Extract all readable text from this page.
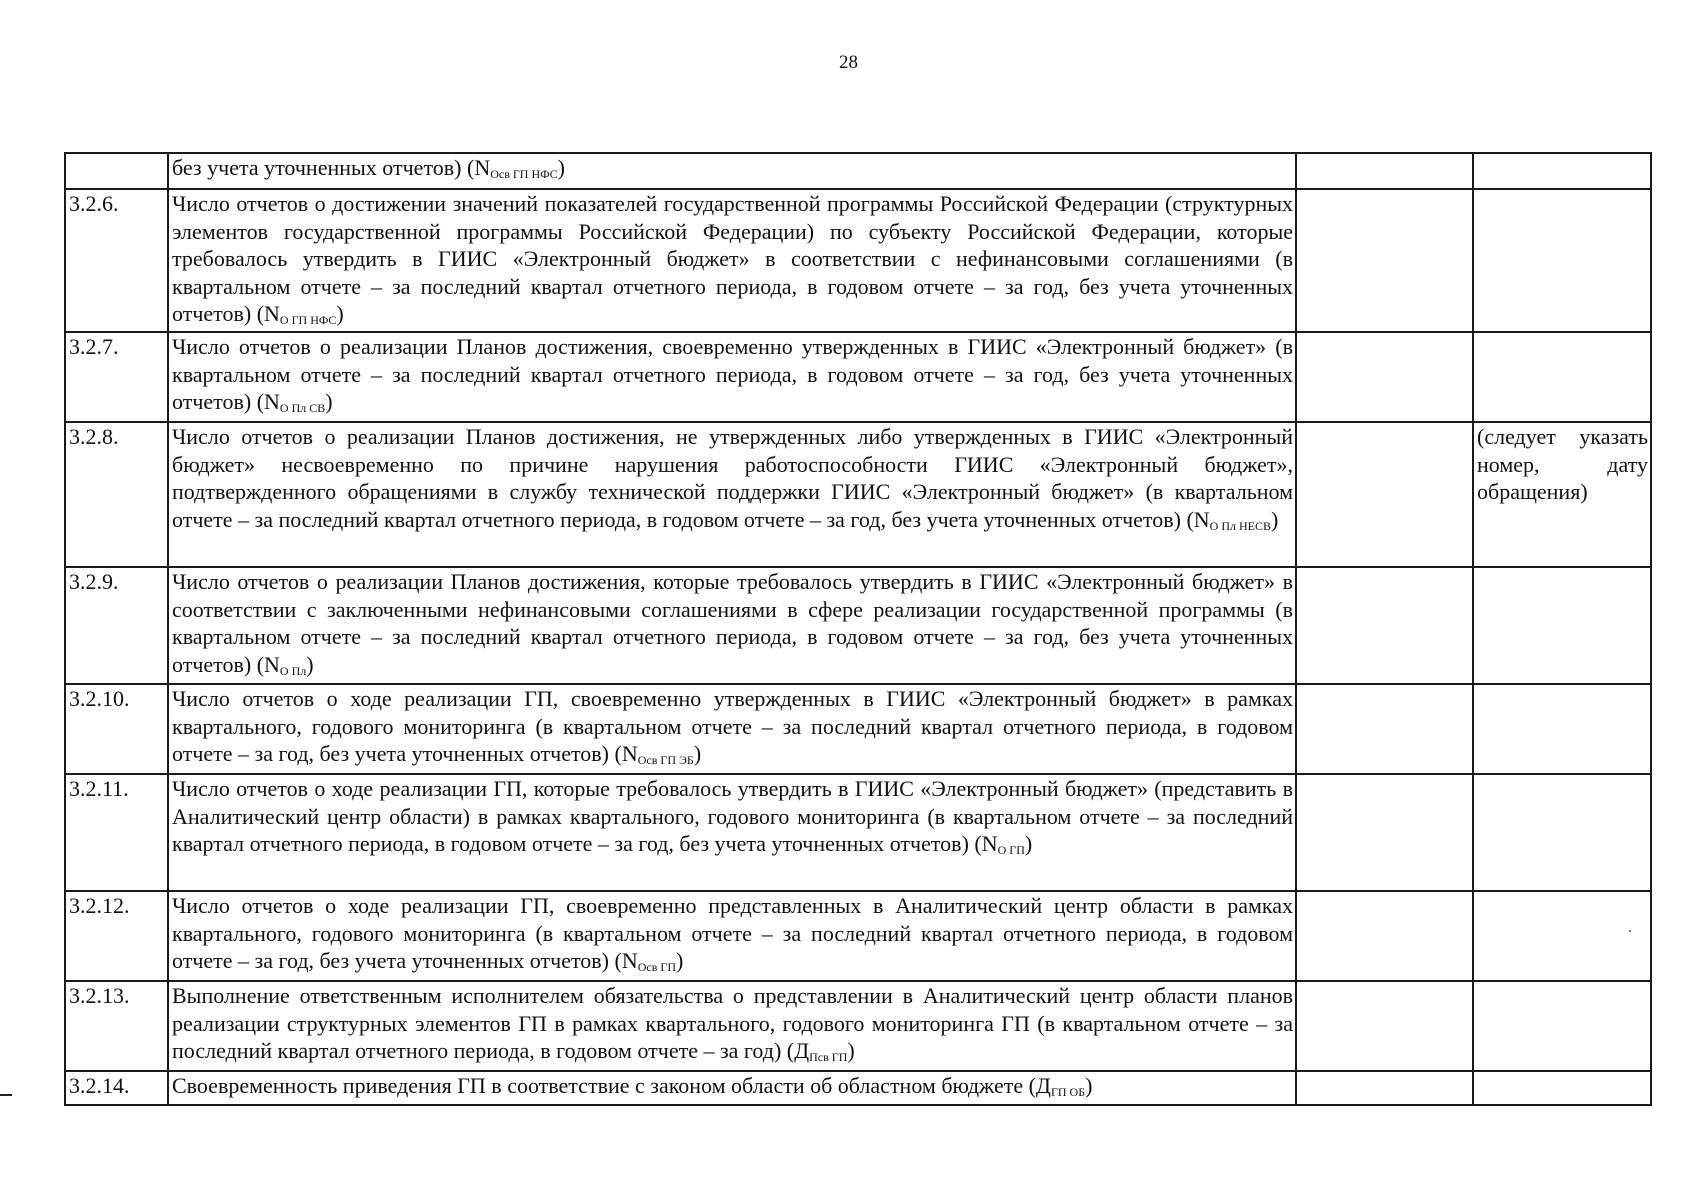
28
	без учета уточненных отчетов) $(N_{Осв ГП НФС})$		
3.2.6.	Число отчетов о достижении значений показателей государственной программы Российской Федерации (структурных элементов государственной программы Российской Федерации) по субъекту Российской Федерации, которые требовалось утвердить в ГИИС «Электронный бюджет» в соответствии с нефинансовыми соглашениями (в квартальном отчете – за последний квартал отчетного периода, в годовом отчете – за год, без учета уточненных отчетов) $(N_{О ГП НФС})$		
3.2.7.	Число отчетов о реализации Планов достижения, своевременно утвержденных в ГИИС «Электронный бюджет» (в квартальном отчете – за последний квартал отчетного периода, в годовом отчете – за год, без учета уточненных отчетов) $(N_{О Пл СВ})$		
3.2.8.	Число отчетов о реализации Планов достижения, не утвержденных либо утвержденных в ГИИС «Электронный бюджет» несвоевременно по причине нарушения работоспособности ГИИС «Электронный бюджет», подтвержденного обращениями в службу технической поддержки ГИИС «Электронный бюджет» (в квартальном отчете – за последний квартал отчетного периода, в годовом отчете – за год, без учета уточненных отчетов) $(N_{О Пл НЕСВ})$		(следует указать номер, дату обращения)
3.2.9.	Число отчетов о реализации Планов достижения, которые требовалось утвердить в ГИИС «Электронный бюджет» в соответствии с заключенными нефинансовыми соглашениями в сфере реализации государственной программы (в квартальном отчете – за последний квартал отчетного периода, в годовом отчете – за год, без учета уточненных отчетов) $(N_{О Пл})$		
3.2.10.	Число отчетов о ходе реализации ГП, своевременно утвержденных в ГИИС «Электронный бюджет» в рамках квартального, годового мониторинга (в квартальном отчете – за последний квартал отчетного периода, в годовом отчете – за год, без учета уточненных отчетов) $(N_{Осв ГП ЭБ})$		
3.2.11.	Число отчетов о ходе реализации ГП, которые требовалось утвердить в ГИИС «Электронный бюджет» (представить в Аналитический центр области) в рамках квартального, годового мониторинга (в квартальном отчете – за последний квартал отчетного периода, в годовом отчете – за год, без учета уточненных отчетов) $(N_{О ГП})$		
3.2.12.	Число отчетов о ходе реализации ГП, своевременно представленных в Аналитический центр области в рамках квартального, годового мониторинга (в квартальном отчете – за последний квартал отчетного периода, в годовом отчете – за год, без учета уточненных отчетов) $(N_{Осв ГП})$		
3.2.13.	Выполнение ответственным исполнителем обязательства о представлении в Аналитический центр области планов реализации структурных элементов ГП в рамках квартального, годового мониторинга ГП (в квартальном отчете – за последний квартал отчетного периода, в годовом отчете – за год) $(Д_{Псв ГП})$		
3.2.14.	Своевременность приведения ГП в соответствие с законом области об областном бюджете $(Д_{ГП ОБ})$		
